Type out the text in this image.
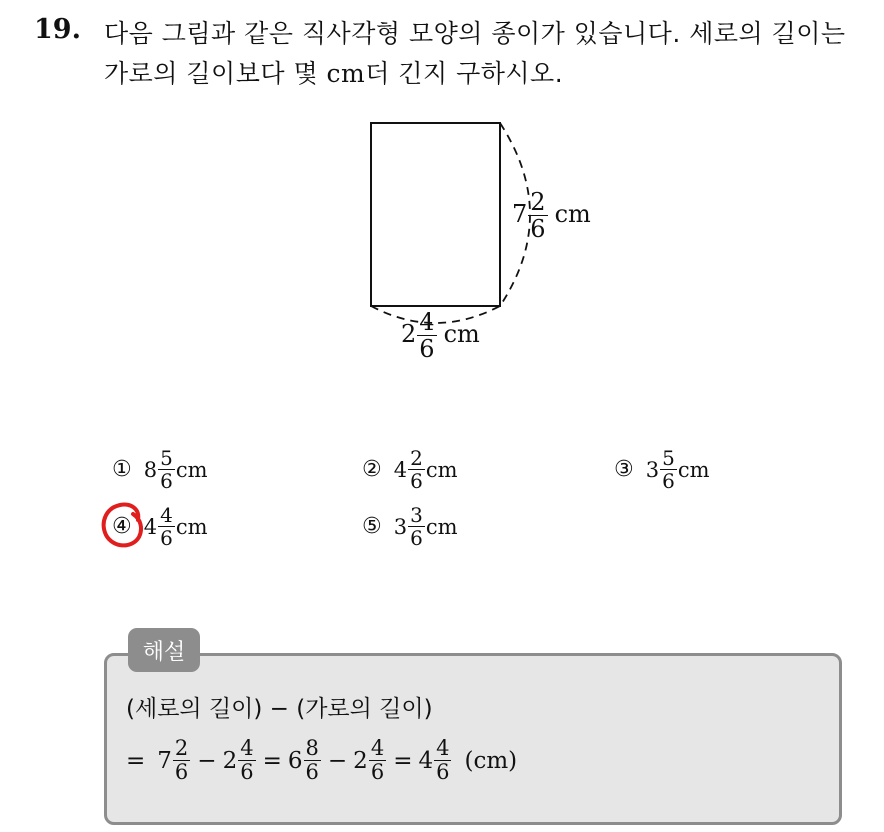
19. 다음 그림과 같은 직사각형 모양의 종이가 있습니다. 세로의 길이는
가로의 길이보다 몇 cm더 긴지 구하시오.
$7 \frac{2}{6}$ cm
$2 \frac{4}{6}$ cm
① $8 \frac{5}{6}$ cm	② $4 \frac{2}{6}$ cm	③ $3 \frac{5}{6}$ cm
④ $4 \frac{4}{6}$ cm	⑤ $3 \frac{3}{6}$ cm
해설
(세로의 길이) − (가로의 길이)
= $7 \frac{2}{6} - 2 \frac{4}{6} = 6 \frac{8}{6} - 2 \frac{4}{6} = 4 \frac{4}{6} (cm)$
